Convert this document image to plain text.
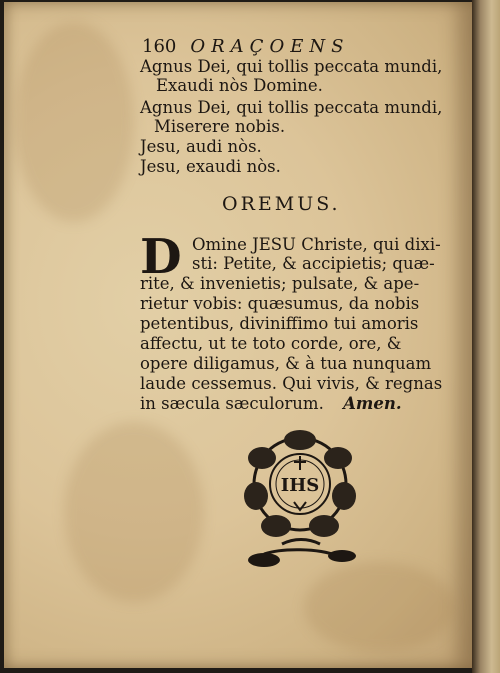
160 ORAÇOENS
Agnus Dei, qui tollis peccata mundi,
Exaudi nòs Domine.
Agnus Dei, qui tollis peccata mundi,
Miserere nobis.
Jesu, audi nòs.
Jesu, exaudi nòs.
OREMUS.
D Omine JESU Christe, qui dixi-
sti: Petite, & accipietis; quæ-
rite, & invenietis; pulsate, & ape-
rietur vobis: quæsumus, da nobis
petentibus, diviniffimo tui amoris
affectu, ut te toto corde, ore, &
opere diligamus, & à tua nunquam
laude cessemus. Qui vivis, & regnas
in sæcula sæculorum. Amen.
IHS
